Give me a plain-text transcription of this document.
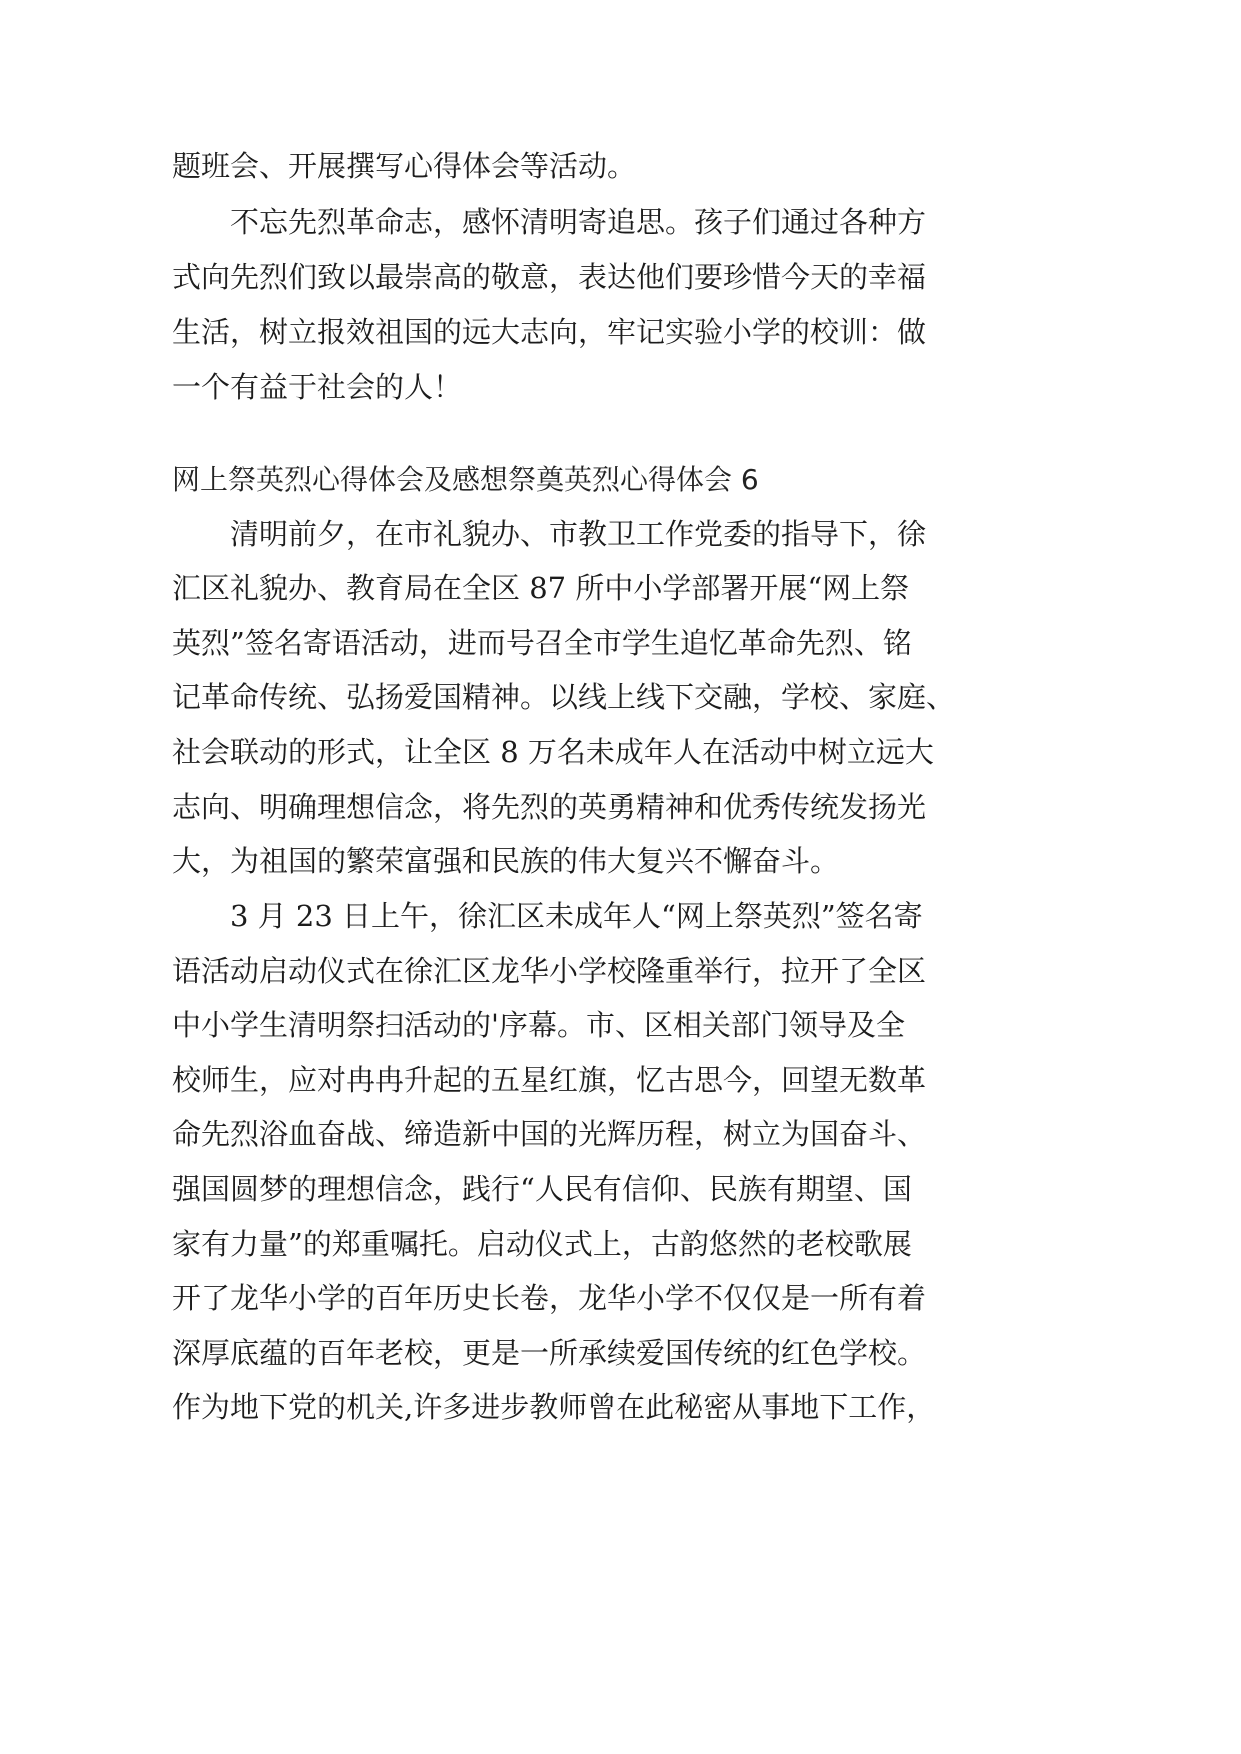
题班会、开展撰写心得体会等活动。
不忘先烈革命志，感怀清明寄追思。孩子们通过各种方
式向先烈们致以最崇高的敬意，表达他们要珍惜今天的幸福
生活，树立报效祖国的远大志向，牢记实验小学的校训：做
一个有益于社会的人！
网上祭英烈心得体会及感想祭奠英烈心得体会 6
清明前夕，在市礼貌办、市教卫工作党委的指导下，徐
汇区礼貌办、教育局在全区 87 所中小学部署开展“网上祭
英烈”签名寄语活动，进而号召全市学生追忆革命先烈、铭
记革命传统、弘扬爱国精神。以线上线下交融，学校、家庭、
社会联动的形式，让全区 8 万名未成年人在活动中树立远大
志向、明确理想信念，将先烈的英勇精神和优秀传统发扬光
大，为祖国的繁荣富强和民族的伟大复兴不懈奋斗。
3 月 23 日上午，徐汇区未成年人“网上祭英烈”签名寄
语活动启动仪式在徐汇区龙华小学校隆重举行，拉开了全区
中小学生清明祭扫活动的'序幕。市、区相关部门领导及全
校师生，应对冉冉升起的五星红旗，忆古思今，回望无数革
命先烈浴血奋战、缔造新中国的光辉历程，树立为国奋斗、
强国圆梦的理想信念，践行“人民有信仰、民族有期望、国
家有力量”的郑重嘱托。启动仪式上，古韵悠然的老校歌展
开了龙华小学的百年历史长卷，龙华小学不仅仅是一所有着
深厚底蕴的百年老校，更是一所承续爱国传统的红色学校。
作为地下党的机关,许多进步教师曾在此秘密从事地下工作，
